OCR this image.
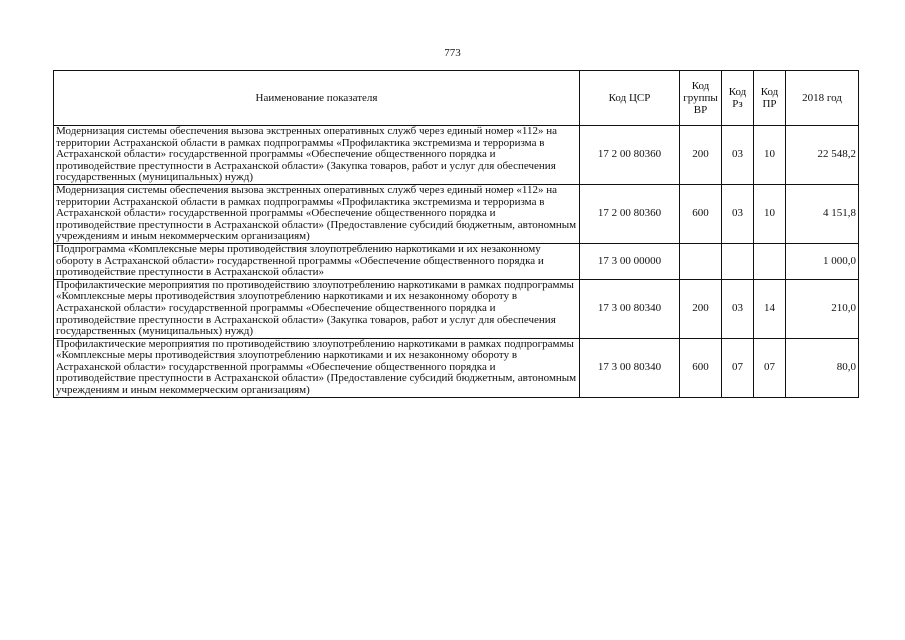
773
Наименование показателя	Код ЦСР	Код группы ВР	Код Рз	Код ПР	2018 год
Модернизация системы обеспечения вызова экстренных оперативных служб через единый номер «112» на территории Астраханской области в рамках подпрограммы «Профилактика экстремизма и терроризма в Астраханской области» государственной программы «Обеспечение общественного порядка и противодействие преступности в Астраханской области» (Закупка товаров, работ и услуг для обеспечения государственных (муниципальных) нужд)	17 2 00 80360	200	03	10	22 548,2
Модернизация системы обеспечения вызова экстренных оперативных служб через единый номер «112» на территории Астраханской области в рамках подпрограммы «Профилактика экстремизма и терроризма в Астраханской области» государственной программы «Обеспечение общественного порядка и противодействие преступности в Астраханской области» (Предоставление субсидий бюджетным, автономным учреждениям и иным некоммерческим организациям)	17 2 00 80360	600	03	10	4 151,8
Подпрограмма «Комплексные меры противодействия злоупотреблению наркотиками и их незаконному обороту в Астраханской области» государственной программы «Обеспечение общественного порядка и противодействие преступности в Астраханской области»	17 3 00 00000				1 000,0
Профилактические мероприятия по противодействию злоупотреблению наркотиками в рамках подпрограммы «Комплексные меры противодействия злоупотреблению наркотиками и их незаконному обороту в Астраханской области» государственной программы «Обеспечение общественного порядка и противодействие преступности в Астраханской области» (Закупка товаров, работ и услуг для обеспечения государственных (муниципальных) нужд)	17 3 00 80340	200	03	14	210,0
Профилактические мероприятия по противодействию злоупотреблению наркотиками в рамках подпрограммы «Комплексные меры противодействия злоупотреблению наркотиками и их незаконному обороту в Астраханской области» государственной программы «Обеспечение общественного порядка и противодействие преступности в Астраханской области» (Предоставление субсидий бюджетным, автономным учреждениям и иным некоммерческим организациям)	17 3 00 80340	600	07	07	80,0
